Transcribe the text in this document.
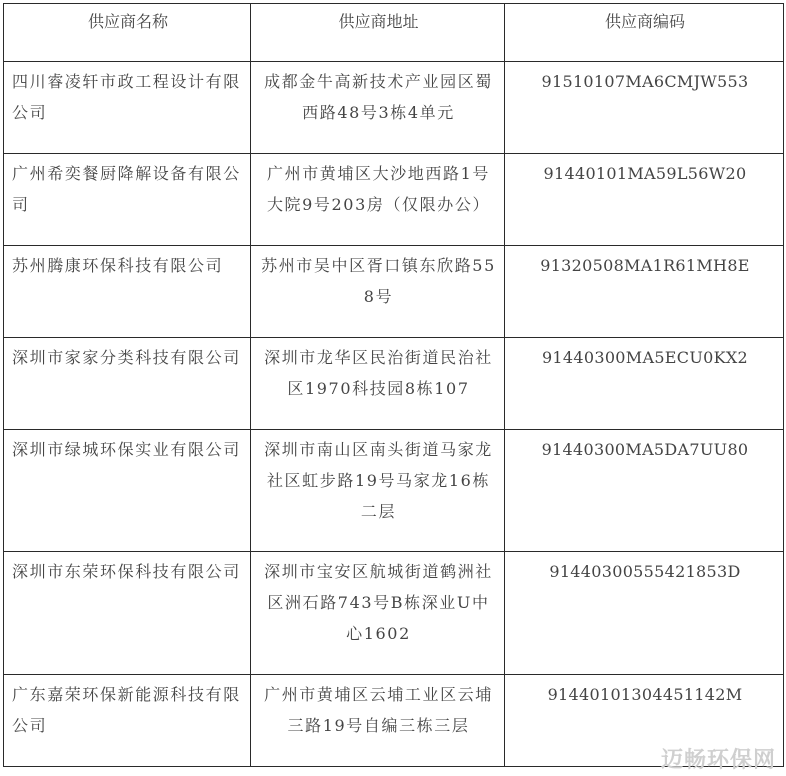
供应商名称	供应商地址	供应商编码
四川睿凌轩市政工程设计有限公司	成都金牛高新技术产业园区蜀西路48号3栋4单元	91510107MA6CMJW553
广州希奕餐厨降解设备有限公司	广州市黄埔区大沙地西路1号大院9号203房（仅限办公）	91440101MA59L56W20
苏州腾康环保科技有限公司	苏州市吴中区胥口镇东欣路558号	91320508MA1R61MH8E
深圳市家家分类科技有限公司	深圳市龙华区民治街道民治社区1970科技园8栋107	91440300MA5ECU0KX2
深圳市绿城环保实业有限公司	深圳市南山区南头街道马家龙社区虹步路19号马家龙16栋二层	91440300MA5DA7UU80
深圳市东荣环保科技有限公司	深圳市宝安区航城街道鹤洲社区洲石路743号B栋深业U中心1602	91440300555421853D
广东嘉荣环保新能源科技有限公司	广州市黄埔区云埔工业区云埔三路19号自编三栋三层	91440101304451142M
迈畅环保网
